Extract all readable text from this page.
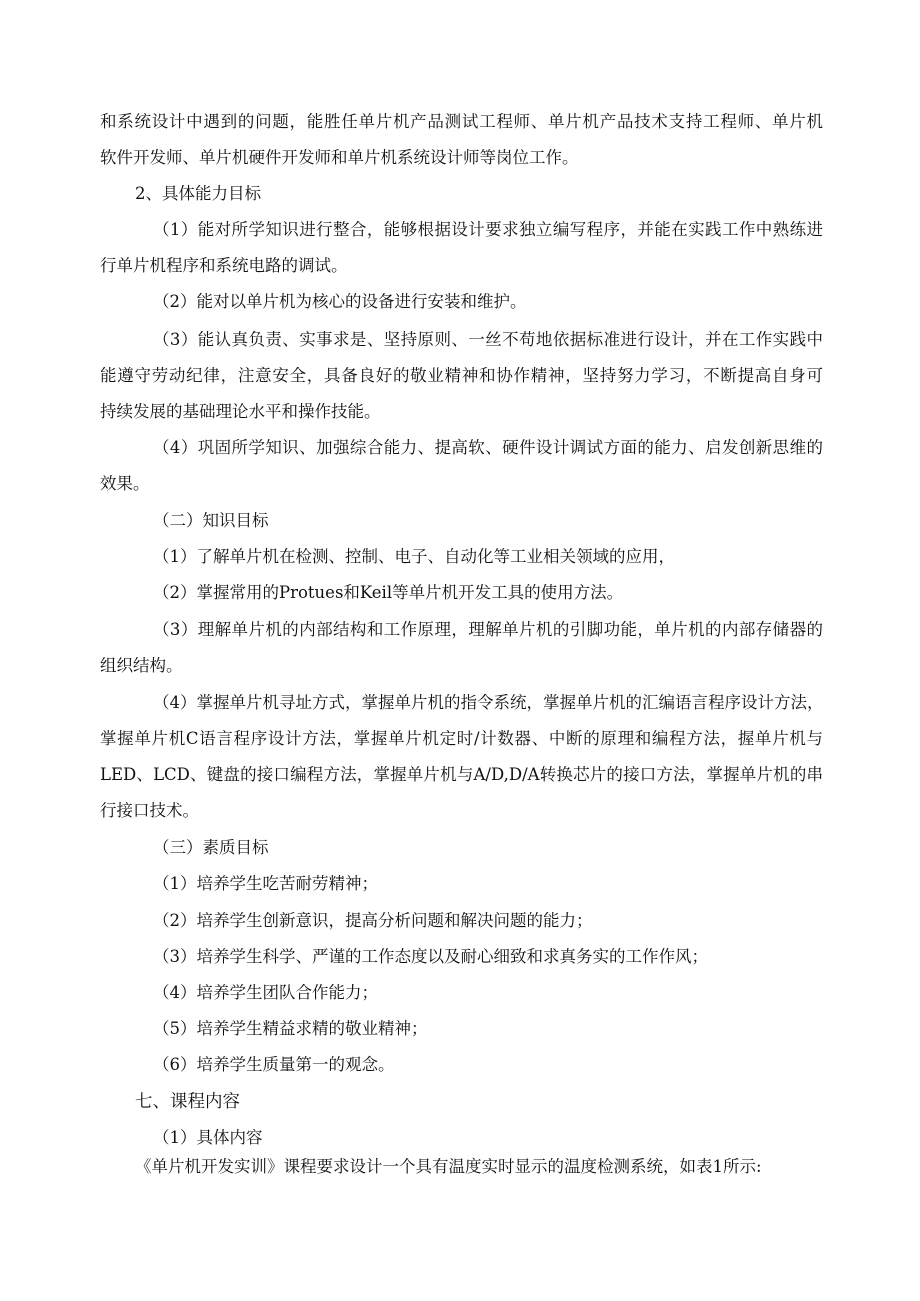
和系统设计中遇到的问题，能胜任单片机产品测试工程师、单片机产品技术支持工程师、单片机
软件开发师、单片机硬件开发师和单片机系统设计师等岗位工作。
2、具体能力目标
（1）能对所学知识进行整合，能够根据设计要求独立编写程序，并能在实践工作中熟练进
行单片机程序和系统电路的调试。
（2）能对以单片机为核心的设备进行安装和维护。
（3）能认真负责、实事求是、坚持原则、一丝不苟地依据标准进行设计，并在工作实践中
能遵守劳动纪律，注意安全，具备良好的敬业精神和协作精神，坚持努力学习，不断提高自身可
持续发展的基础理论水平和操作技能。
（4）巩固所学知识、加强综合能力、提高软、硬件设计调试方面的能力、启发创新思维的
效果。
（二）知识目标
（1）了解单片机在检测、控制、电子、自动化等工业相关领域的应用，
（2）掌握常用的Protues和Keil等单片机开发工具的使用方法。
（3）理解单片机的内部结构和工作原理，理解单片机的引脚功能，单片机的内部存储器的
组织结构。
（4）掌握单片机寻址方式，掌握单片机的指令系统，掌握单片机的汇编语言程序设计方法，
掌握单片机C语言程序设计方法，掌握单片机定时/计数器、中断的原理和编程方法，握单片机与
LED、LCD、键盘的接口编程方法，掌握单片机与A/D,D/A转换芯片的接口方法，掌握单片机的串
行接口技术。
（三）素质目标
（1）培养学生吃苦耐劳精神；
（2）培养学生创新意识，提高分析问题和解决问题的能力；
（3）培养学生科学、严谨的工作态度以及耐心细致和求真务实的工作作风；
（4）培养学生团队合作能力；
（5）培养学生精益求精的敬业精神；
（6）培养学生质量第一的观念。
七、课程内容
（1）具体内容
《单片机开发实训》课程要求设计一个具有温度实时显示的温度检测系统，如表1所示:
